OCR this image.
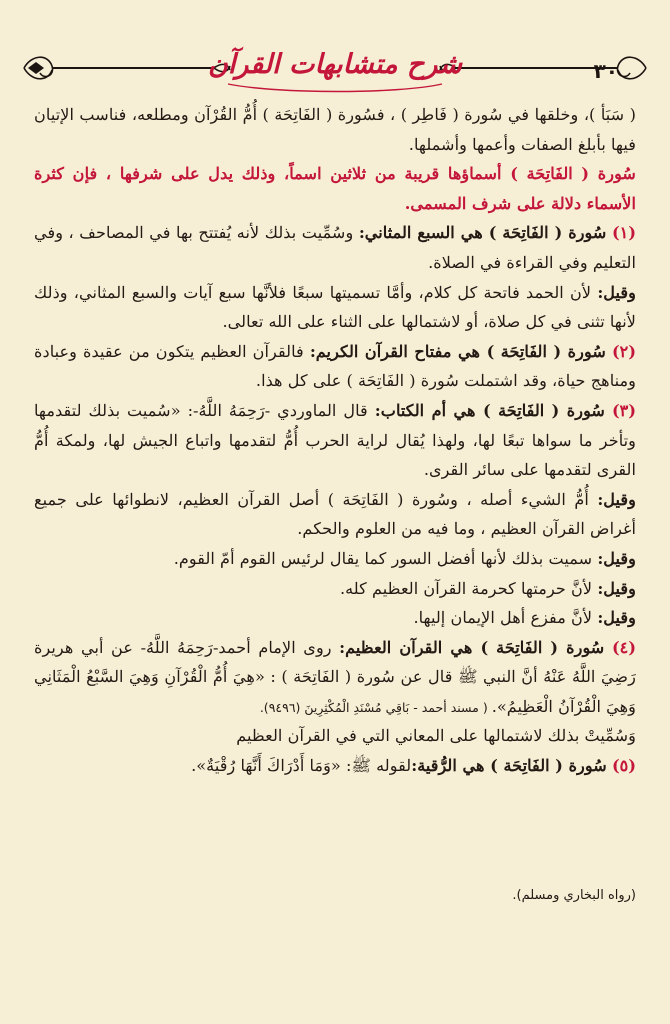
شرح متشابهات القرآن	٣٠

( سَبَأ )، وخلقها في سُورة ( فَاطِر ) ، فسُورة ( الفَاتِحَة ) أُمُّ القُرْآن ومطلعه، فناسب الإتيان فيها بأبلغ الصفات وأعمها وأشملها.

سُورة ( الفَاتِحَة ) أسماؤها قريبة من ثلاثين اسماً، وذلك يدل على شرفها ، فإن كثرة الأسماء دلالة على شرف المسمى.

(١) سُورة ( الفَاتِحَة ) هي السبع المثاني: وسُمِّيت بذلك لأنه يُفتتح بها في المصاحف ، وفي التعليم وفي القراءة في الصلاة.

وقيل: لأن الحمد فاتحة كل كلام، وأمَّا تسميتها سبعًا فلأنَّها سبع آيات والسبع المثاني، وذلك لأنها تثنى في كل صلاة، أو لاشتمالها على الثناء على الله تعالى.

(٢) سُورة ( الفَاتِحَة ) هي مفتاح القرآن الكريم: فالقرآن العظيم يتكون من عقيدة وعبادة ومناهج حياة، وقد اشتملت سُورة ( الفَاتِحَة ) على كل هذا.

(٣) سُورة ( الفَاتِحَة ) هي أم الكتاب: قال الماوردي -رَحِمَهُ اللَّهُ-: «سُميت بذلك لتقدمها وتأخر ما سواها تبعًا لها، ولهذا يُقال لراية الحرب أُمُّ لتقدمها واتباع الجيش لها، ولمكة أُمُّ القرى لتقدمها على سائر القرى.

وقيل: أُمُّ الشيء أصله ، وسُورة ( الفَاتِحَة ) أصل القرآن العظيم، لانطوائها على جميع أغراض القرآن العظيم ، وما فيه من العلوم والحكم.

وقيل: سميت بذلك لأنها أفضل السور كما يقال لرئيس القوم أمّ القوم.

وقيل: لأنَّ حرمتها كحرمة القرآن العظيم كله.

وقيل: لأنَّ مفزع أهل الإيمان إليها.

(٤) سُورة ( الفَاتِحَة ) هي القرآن العظيم: روى الإمام أحمد-رَحِمَهُ اللَّهُ- عن أبي هريرة رَضِيَ اللَّهُ عَنْهُ أنَّ النبي ﷺ قال عن سُورة ( الفَاتِحَة ) : «هِيَ أُمُّ الْقُرْآنِ وَهِيَ السَّبْعُ الْمَثَانِي وَهِيَ الْقُرْآنُ الْعَظِيمُ». ( مسند أحمد - بَاقِي مُسْنَدِ الْمُكْثِرِينَ (٩٤٩٦).

وَسُمِّيتْ بذلك لاشتمالها على المعاني التي في القرآن العظيم

(٥) سُورة ( الفَاتِحَة ) هي الرُّقية:لقوله ﷺ: «وَمَا أَدْرَاكَ أَنَّهَا رُقْيَةٌ».

(رواه البخاري ومسلم).
